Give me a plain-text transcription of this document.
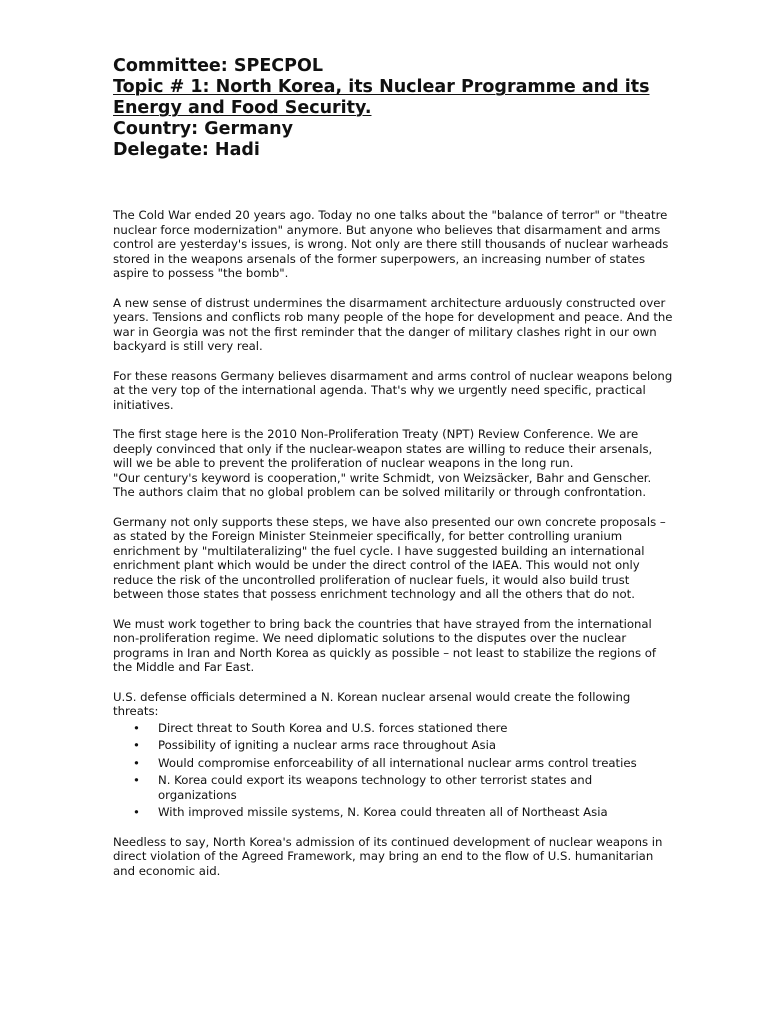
Committee: SPECPOL

Topic # 1: North Korea, its Nuclear Programme and its

Energy and Food Security.

Country: Germany

Delegate: Hadi

The Cold War ended 20 years ago. Today no one talks about the "balance of terror" or "theatre nuclear force modernization" anymore. But anyone who believes that disarmament and arms control are yesterday's issues, is wrong. Not only are there still thousands of nuclear warheads stored in the weapons arsenals of the former superpowers, an increasing number of states aspire to possess "the bomb".

A new sense of distrust undermines the disarmament architecture arduously constructed over years. Tensions and conflicts rob many people of the hope for development and peace. And the war in Georgia was not the first reminder that the danger of military clashes right in our own backyard is still very real.

For these reasons Germany believes disarmament and arms control of nuclear weapons belong at the very top of the international agenda. That's why we urgently need specific, practical initiatives.

The first stage here is the 2010 Non-Proliferation Treaty (NPT) Review Conference. We are deeply convinced that only if the nuclear-weapon states are willing to reduce their arsenals, will we be able to prevent the proliferation of nuclear weapons in the long run.

"Our century's keyword is cooperation," write Schmidt, von Weizsäcker, Bahr and Genscher. The authors claim that no global problem can be solved militarily or through confrontation.

Germany not only supports these steps, we have also presented our own concrete proposals – as stated by the Foreign Minister Steinmeier specifically, for better controlling uranium enrichment by "multilateralizing" the fuel cycle. I have suggested building an international enrichment plant which would be under the direct control of the IAEA. This would not only reduce the risk of the uncontrolled proliferation of nuclear fuels, it would also build trust between those states that possess enrichment technology and all the others that do not.

We must work together to bring back the countries that have strayed from the international non-proliferation regime. We need diplomatic solutions to the disputes over the nuclear programs in Iran and North Korea as quickly as possible – not least to stabilize the regions of the Middle and Far East.

U.S. defense officials determined a N. Korean nuclear arsenal would create the following threats:

• Direct threat to South Korea and U.S. forces stationed there
• Possibility of igniting a nuclear arms race throughout Asia
• Would compromise enforceability of all international nuclear arms control treaties
• N. Korea could export its weapons technology to other terrorist states and organizations
• With improved missile systems, N. Korea could threaten all of Northeast Asia

Needless to say, North Korea's admission of its continued development of nuclear weapons in direct violation of the Agreed Framework, may bring an end to the flow of U.S. humanitarian and economic aid.
